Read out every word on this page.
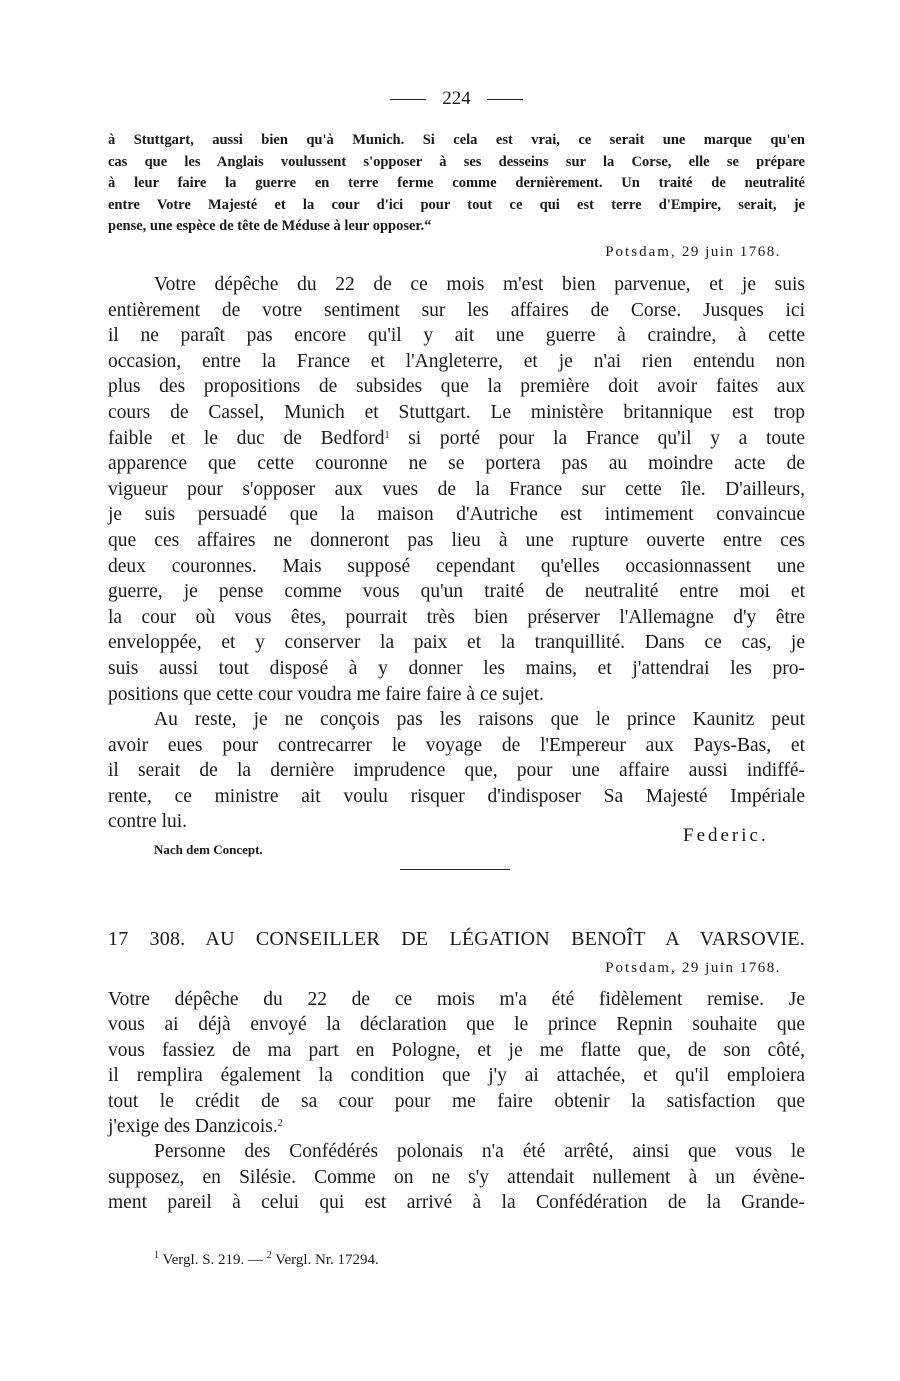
224
à Stuttgart, aussi bien qu'à Munich. Si cela est vrai, ce serait une marque qu'en
cas que les Anglais voulussent s'opposer à ses desseins sur la Corse, elle se prépare
à leur faire la guerre en terre ferme comme dernièrement. Un traité de neutralité
entre Votre Majesté et la cour d'ici pour tout ce qui est terre d'Empire, serait, je
pense, une espèce de tête de Méduse à leur opposer.“
Potsdam, 29 juin 1768.
Votre dépêche du 22 de ce mois m'est bien parvenue, et je suis
entièrement de votre sentiment sur les affaires de Corse. Jusques ici
il ne paraît pas encore qu'il y ait une guerre à craindre, à cette
occasion, entre la France et l'Angleterre, et je n'ai rien entendu non
plus des propositions de subsides que la première doit avoir faites aux
cours de Cassel, Munich et Stuttgart. Le ministère britannique est trop
faible et le duc de Bedford$^1$ si porté pour la France qu'il y a toute
apparence que cette couronne ne se portera pas au moindre acte de
vigueur pour s'opposer aux vues de la France sur cette île. D'ailleurs,
je suis persuadé que la maison d'Autriche est intimement convaincue
que ces affaires ne donneront pas lieu à une rupture ouverte entre ces
deux couronnes. Mais supposé cependant qu'elles occasionnassent une
guerre, je pense comme vous qu'un traité de neutralité entre moi et
la cour où vous êtes, pourrait très bien préserver l'Allemagne d'y être
enveloppée, et y conserver la paix et la tranquillité. Dans ce cas, je
suis aussi tout disposé à y donner les mains, et j'attendrai les pro-
positions que cette cour voudra me faire faire à ce sujet.
Au reste, je ne conçois pas les raisons que le prince Kaunitz peut
avoir eues pour contrecarrer le voyage de l'Empereur aux Pays-Bas, et
il serait de la dernière imprudence que, pour une affaire aussi indiffé-
rente, ce ministre ait voulu risquer d'indisposer Sa Majesté Impériale
contre lui.
Federic.
Nach dem Concept.
17 308. AU CONSEILLER DE LÉGATION BENOÎT A VARSOVIE.
Potsdam, 29 juin 1768.
Votre dépêche du 22 de ce mois m'a été fidèlement remise. Je
vous ai déjà envoyé la déclaration que le prince Repnin souhaite que
vous fassiez de ma part en Pologne, et je me flatte que, de son côté,
il remplira également la condition que j'y ai attachée, et qu'il emploiera
tout le crédit de sa cour pour me faire obtenir la satisfaction que
j'exige des Danzicois.$^2$
Personne des Confédérés polonais n'a été arrêté, ainsi que vous le
supposez, en Silésie. Comme on ne s'y attendait nullement à un évène-
ment pareil à celui qui est arrivé à la Confédération de la Grande-
$^1$ Vergl. S. 219. — $^2$ Vergl. Nr. 17294.
